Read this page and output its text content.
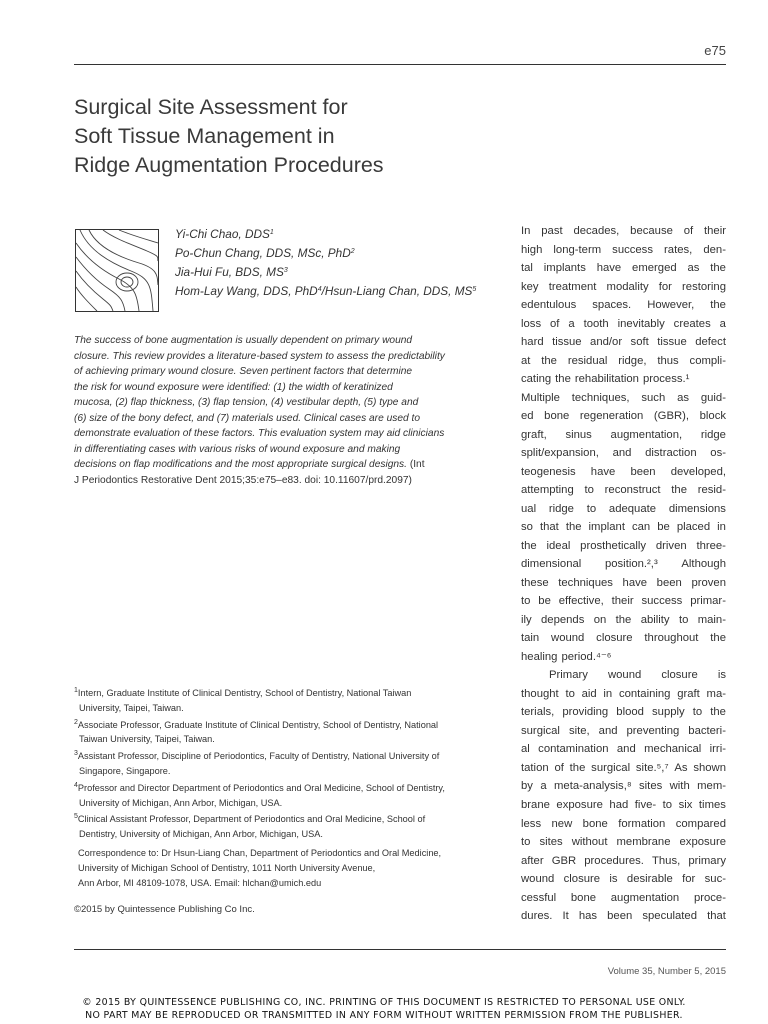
e75
Surgical Site Assessment for
Soft Tissue Management in
Ridge Augmentation Procedures
Yi-Chi Chao, DDS$^1$
Po-Chun Chang, DDS, MSc, PhD$^2$
Jia-Hui Fu, BDS, $MS^3$
Hom-Lay Wang, DDS, PhD$^4$/Hsun-Liang Chan, DDS, $MS^5$
The success of bone augmentation is usually dependent on primary wound
closure. This review provides a literature-based system to assess the predictability
of achieving primary wound closure. Seven pertinent factors that determine
the risk for wound exposure were identified: (1) the width of keratinized
mucosa, (2) flap thickness, (3) flap tension, (4) vestibular depth, (5) type and
(6) size of the bony defect, and (7) materials used. Clinical cases are used to
demonstrate evaluation of these factors. This evaluation system may aid clinicians
in differentiating cases with various risks of wound exposure and making
decisions on flap modifications and the most appropriate surgical designs. (Int
J Periodontics Restorative Dent 2015;35:e75–e83. doi: 10.11607/prd.2097)
$^1$Intern, Graduate Institute of Clinical Dentistry, School of Dentistry, National Taiwan
University, Taipei, Taiwan.
$^2$Associate Professor, Graduate Institute of Clinical Dentistry, School of Dentistry, National
Taiwan University, Taipei, Taiwan.
$^3$Assistant Professor, Discipline of Periodontics, Faculty of Dentistry, National University of
Singapore, Singapore.
$^4$Professor and Director Department of Periodontics and Oral Medicine, School of Dentistry,
University of Michigan, Ann Arbor, Michigan, USA.
$^5$Clinical Assistant Professor, Department of Periodontics and Oral Medicine, School of
Dentistry, University of Michigan, Ann Arbor, Michigan, USA.
Correspondence to: Dr Hsun-Liang Chan, Department of Periodontics and Oral Medicine,
University of Michigan School of Dentistry, 1011 North University Avenue,
Ann Arbor, MI 48109-1078, USA. Email: hlchan@umich.edu
©2015 by Quintessence Publishing Co Inc.
In past decades, because of their
high long-term success rates, den-
tal implants have emerged as the
key treatment modality for restoring
edentulous spaces. However, the
loss of a tooth inevitably creates a
hard tissue and/or soft tissue defect
at the residual ridge, thus compli-
cating the rehabilitation process.¹
Multiple techniques, such as guid-
ed bone regeneration (GBR), block
graft, sinus augmentation, ridge
split/expansion, and distraction os-
teogenesis have been developed,
attempting to reconstruct the resid-
ual ridge to adequate dimensions
so that the implant can be placed in
the ideal prosthetically driven three-
dimensional position.²,³ Although
these techniques have been proven
to be effective, their success primar-
ily depends on the ability to main-
tain wound closure throughout the
healing period.⁴⁻⁶
Primary wound closure is
thought to aid in containing graft ma-
terials, providing blood supply to the
surgical site, and preventing bacteri-
al contamination and mechanical irri-
tation of the surgical site.⁵,⁷ As shown
by a meta-analysis,⁸ sites with mem-
brane exposure had five- to six times
less new bone formation compared
to sites without membrane exposure
after GBR procedures. Thus, primary
wound closure is desirable for suc-
cessful bone augmentation proce-
dures. It has been speculated that
Volume 35, Number 5, 2015
© 2015 BY QUINTESSENCE PUBLISHING CO, INC. PRINTING OF THIS DOCUMENT IS RESTRICTED TO PERSONAL USE ONLY.
NO PART MAY BE REPRODUCED OR TRANSMITTED IN ANY FORM WITHOUT WRITTEN PERMISSION FROM THE PUBLISHER.
